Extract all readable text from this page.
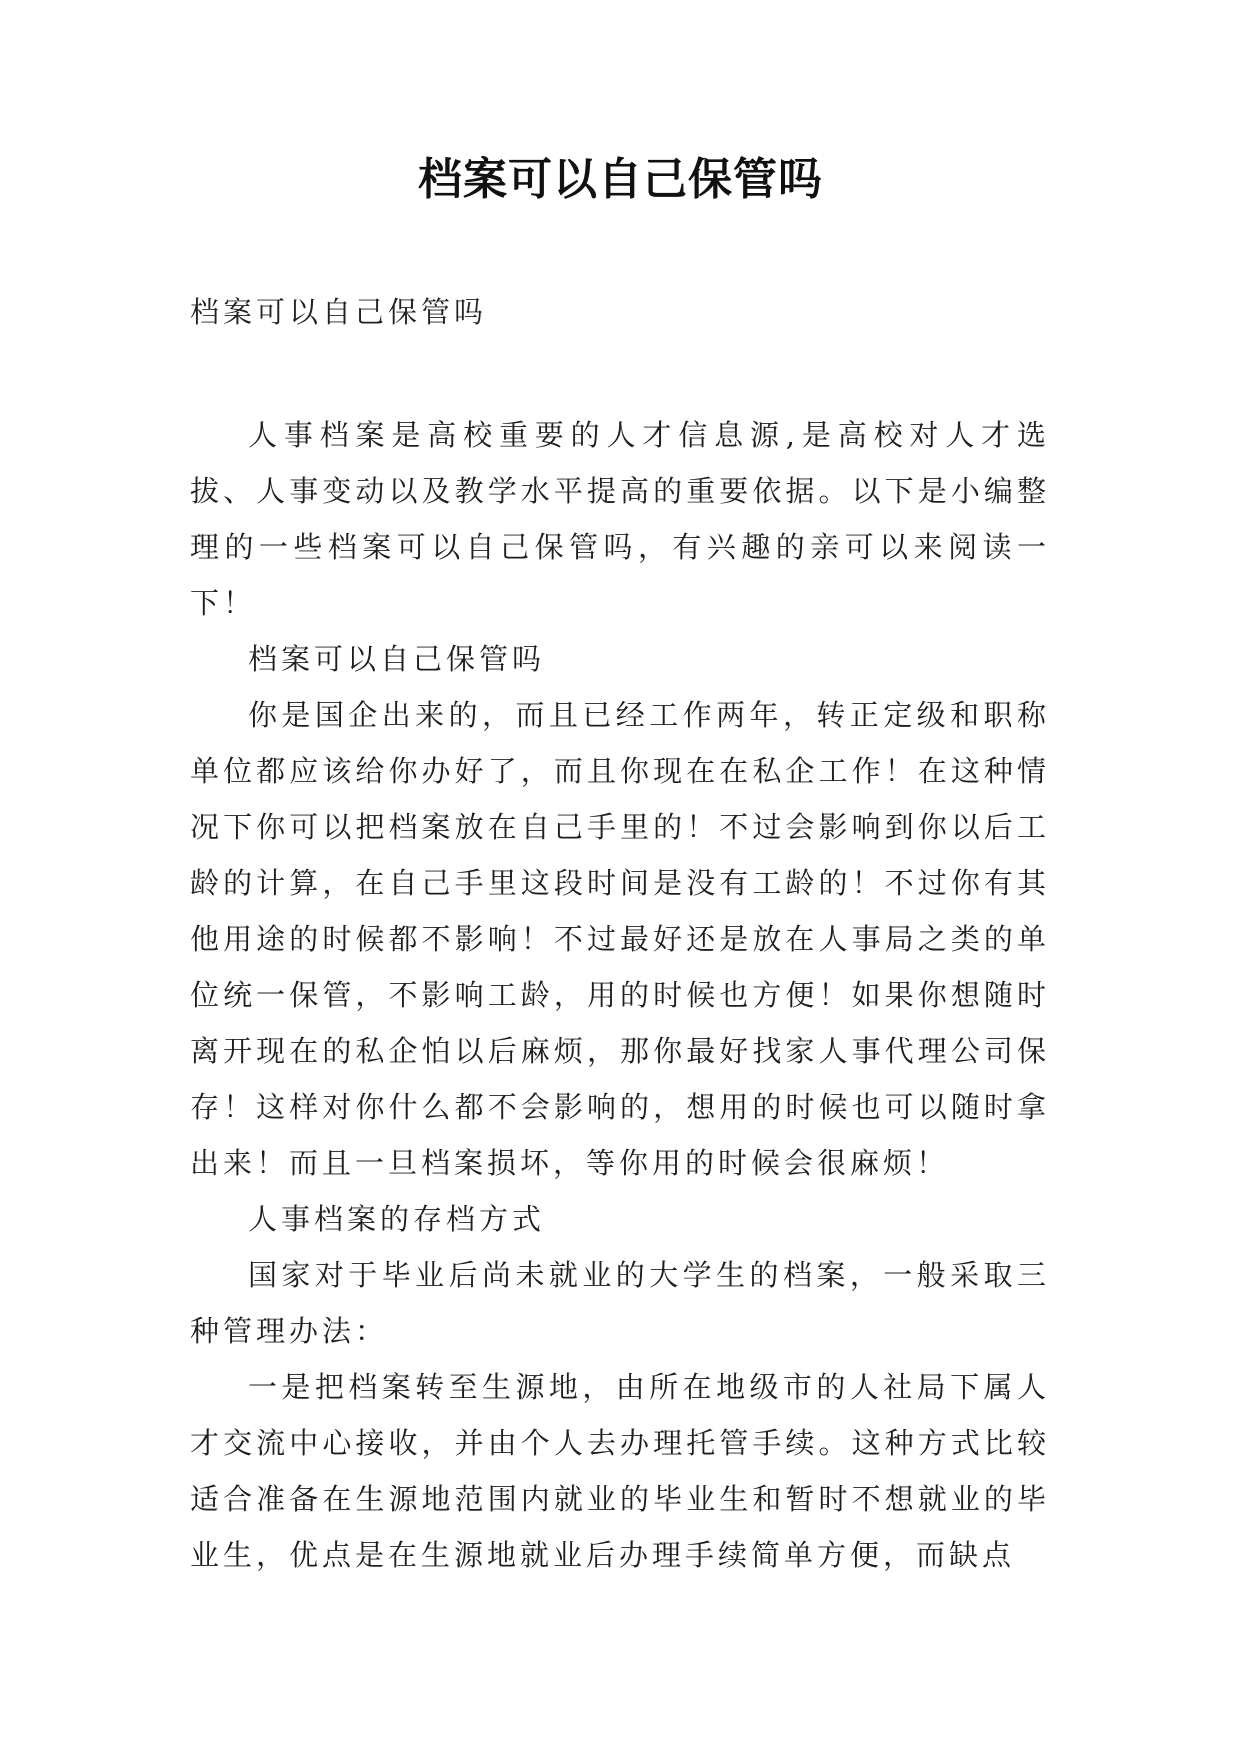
档案可以自己保管吗
档案可以自己保管吗

人事档案是高校重要的人才信息源,是高校对人才选拔、人事变动以及教学水平提高的重要依据。以下是小编整理的一些档案可以自己保管吗，有兴趣的亲可以来阅读一下！

档案可以自己保管吗

你是国企出来的，而且已经工作两年，转正定级和职称单位都应该给你办好了，而且你现在在私企工作！在这种情况下你可以把档案放在自己手里的！不过会影响到你以后工龄的计算，在自己手里这段时间是没有工龄的！不过你有其他用途的时候都不影响！不过最好还是放在人事局之类的单位统一保管，不影响工龄，用的时候也方便！如果你想随时离开现在的私企怕以后麻烦，那你最好找家人事代理公司保存！这样对你什么都不会影响的，想用的时候也可以随时拿出来！而且一旦档案损坏，等你用的时候会很麻烦！

人事档案的存档方式

国家对于毕业后尚未就业的大学生的档案，一般采取三种管理办法：

一是把档案转至生源地，由所在地级市的人社局下属人才交流中心接收，并由个人去办理托管手续。这种方式比较适合准备在生源地范围内就业的毕业生和暂时不想就业的毕业生，优点是在生源地就业后办理手续简单方便，而缺点
